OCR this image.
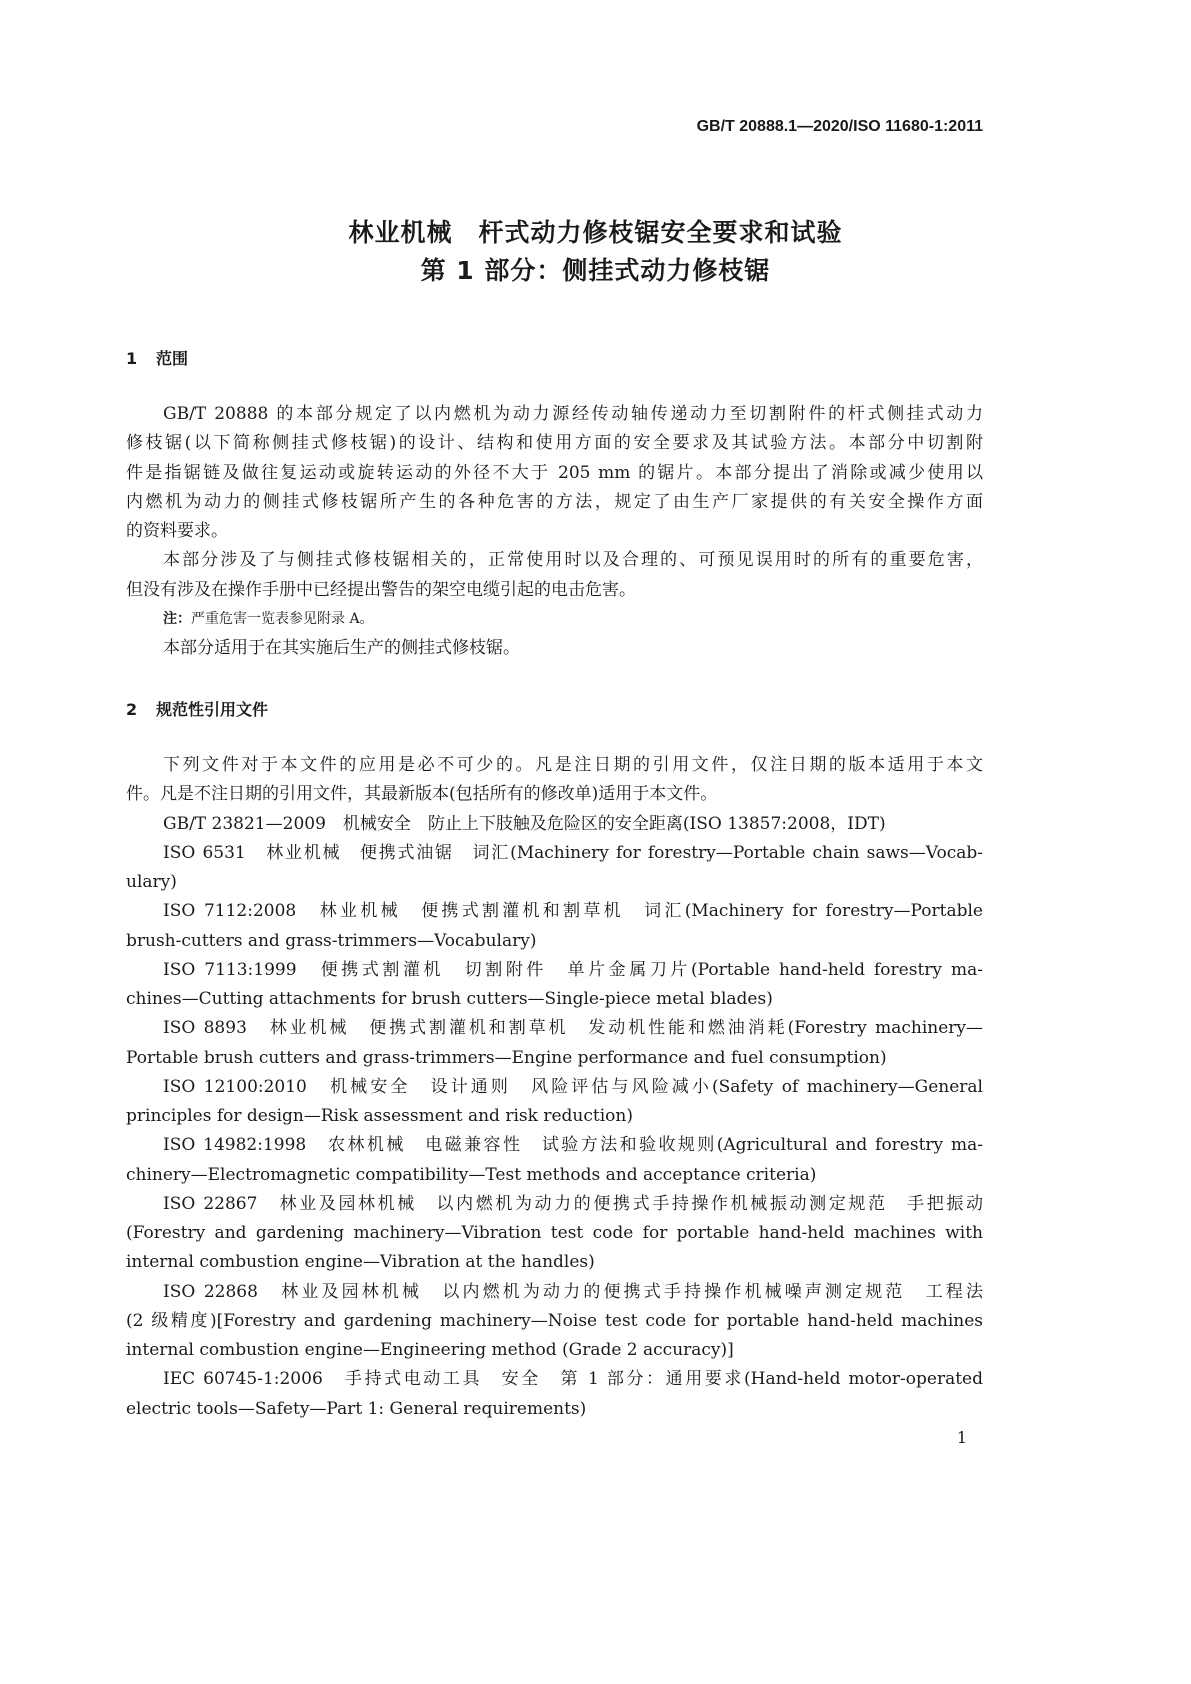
GB/T 20888.1—2020/ISO 11680-1:2011
林业机械　杆式动力修枝锯安全要求和试验
第 1 部分：侧挂式动力修枝锯
1 范围
GB/T 20888 的本部分规定了以内燃机为动力源经传动轴传递动力至切割附件的杆式侧挂式动力
修枝锯(以下简称侧挂式修枝锯)的设计、结构和使用方面的安全要求及其试验方法。本部分中切割附
件是指锯链及做往复运动或旋转运动的外径不大于 205 mm 的锯片。本部分提出了消除或减少使用以
内燃机为动力的侧挂式修枝锯所产生的各种危害的方法，规定了由生产厂家提供的有关安全操作方面
的资料要求。
本部分涉及了与侧挂式修枝锯相关的，正常使用时以及合理的、可预见误用时的所有的重要危害，
但没有涉及在操作手册中已经提出警告的架空电缆引起的电击危害。
注：严重危害一览表参见附录 A。
本部分适用于在其实施后生产的侧挂式修枝锯。
2 规范性引用文件
下列文件对于本文件的应用是必不可少的。凡是注日期的引用文件，仅注日期的版本适用于本文
件。凡是不注日期的引用文件，其最新版本(包括所有的修改单)适用于本文件。
GB/T 23821—2009　机械安全　防止上下肢触及危险区的安全距离(ISO 13857:2008，IDT)
ISO 6531　林业机械　便携式油锯　词汇(Machinery for forestry—Portable chain saws—Vocab-
ulary)
ISO 7112:2008　林业机械　便携式割灌机和割草机　词汇(Machinery for forestry—Portable
brush-cutters and grass-trimmers—Vocabulary)
ISO 7113:1999　便携式割灌机　切割附件　单片金属刀片(Portable hand-held forestry ma-
chines—Cutting attachments for brush cutters—Single-piece metal blades)
ISO 8893　林业机械　便携式割灌机和割草机　发动机性能和燃油消耗(Forestry machinery—
Portable brush cutters and grass-trimmers—Engine performance and fuel consumption)
ISO 12100:2010　机械安全　设计通则　风险评估与风险减小(Safety of machinery—General
principles for design—Risk assessment and risk reduction)
ISO 14982:1998　农林机械　电磁兼容性　试验方法和验收规则(Agricultural and forestry ma-
chinery—Electromagnetic compatibility—Test methods and acceptance criteria)
ISO 22867　林业及园林机械　以内燃机为动力的便携式手持操作机械振动测定规范　手把振动
(Forestry and gardening machinery—Vibration test code for portable hand-held machines with
internal combustion engine—Vibration at the handles)
ISO 22868　林业及园林机械　以内燃机为动力的便携式手持操作机械噪声测定规范　工程法
(2 级精度)[Forestry and gardening machinery—Noise test code for portable hand-held machines
internal combustion engine—Engineering method (Grade 2 accuracy)]
IEC 60745-1:2006　手持式电动工具　安全　第 1 部分：通用要求(Hand-held motor-operated
electric tools—Safety—Part 1: General requirements)
1
